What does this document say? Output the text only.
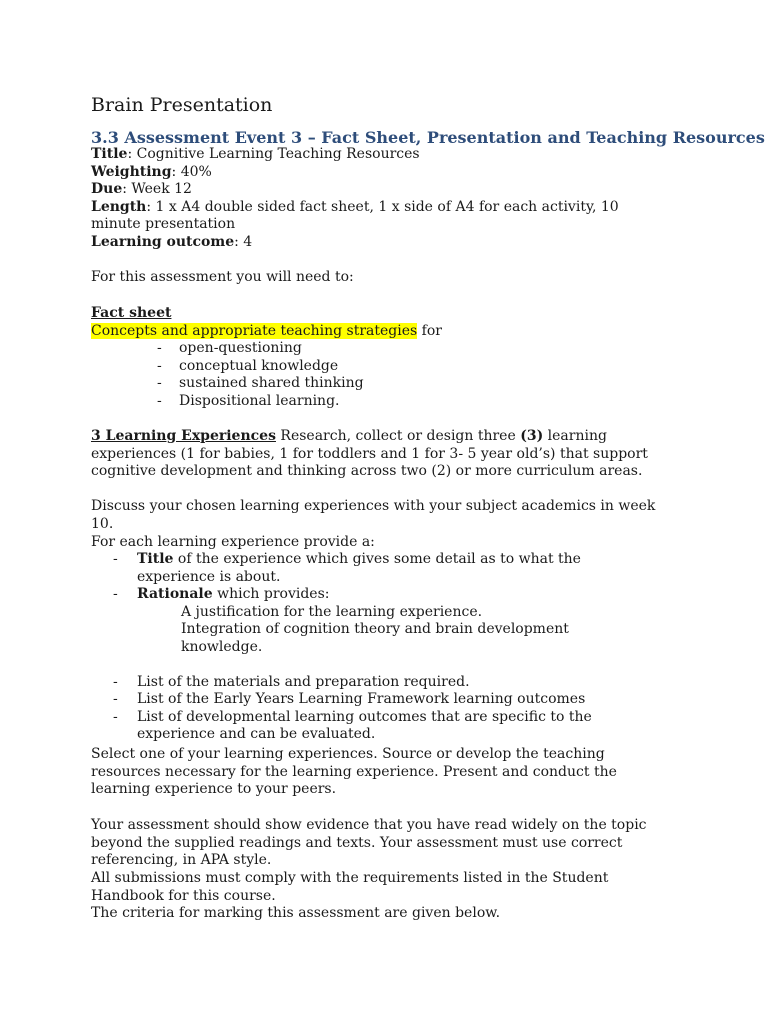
Brain Presentation
3.3 Assessment Event 3 – Fact Sheet, Presentation and Teaching Resources
Title: Cognitive Learning Teaching Resources
Weighting: 40%
Due: Week 12
Length: 1 x A4 double sided fact sheet, 1 x side of A4 for each activity, 10 minute presentation
Learning outcome: 4
For this assessment you will need to:
Fact sheet
Concepts and appropriate teaching strategies for
- open-questioning
- conceptual knowledge
- sustained shared thinking
- Dispositional learning.
3 Learning Experiences Research, collect or design three (3) learning experiences (1 for babies, 1 for toddlers and 1 for 3- 5 year old’s) that support cognitive development and thinking across two (2) or more curriculum areas.
Discuss your chosen learning experiences with your subject academics in week 10.
For each learning experience provide a:
-	Title of the experience which gives some detail as to what the experience is about.
-	Rationale which provides:
A justification for the learning experience.
Integration of cognition theory and brain development knowledge.
-	List of the materials and preparation required.
-	List of the Early Years Learning Framework learning outcomes
-	List of developmental learning outcomes that are specific to the experience and can be evaluated.
Select one of your learning experiences. Source or develop the teaching resources necessary for the learning experience. Present and conduct the learning experience to your peers.
Your assessment should show evidence that you have read widely on the topic beyond the supplied readings and texts. Your assessment must use correct referencing, in APA style.
All submissions must comply with the requirements listed in the Student Handbook for this course.
The criteria for marking this assessment are given below.
